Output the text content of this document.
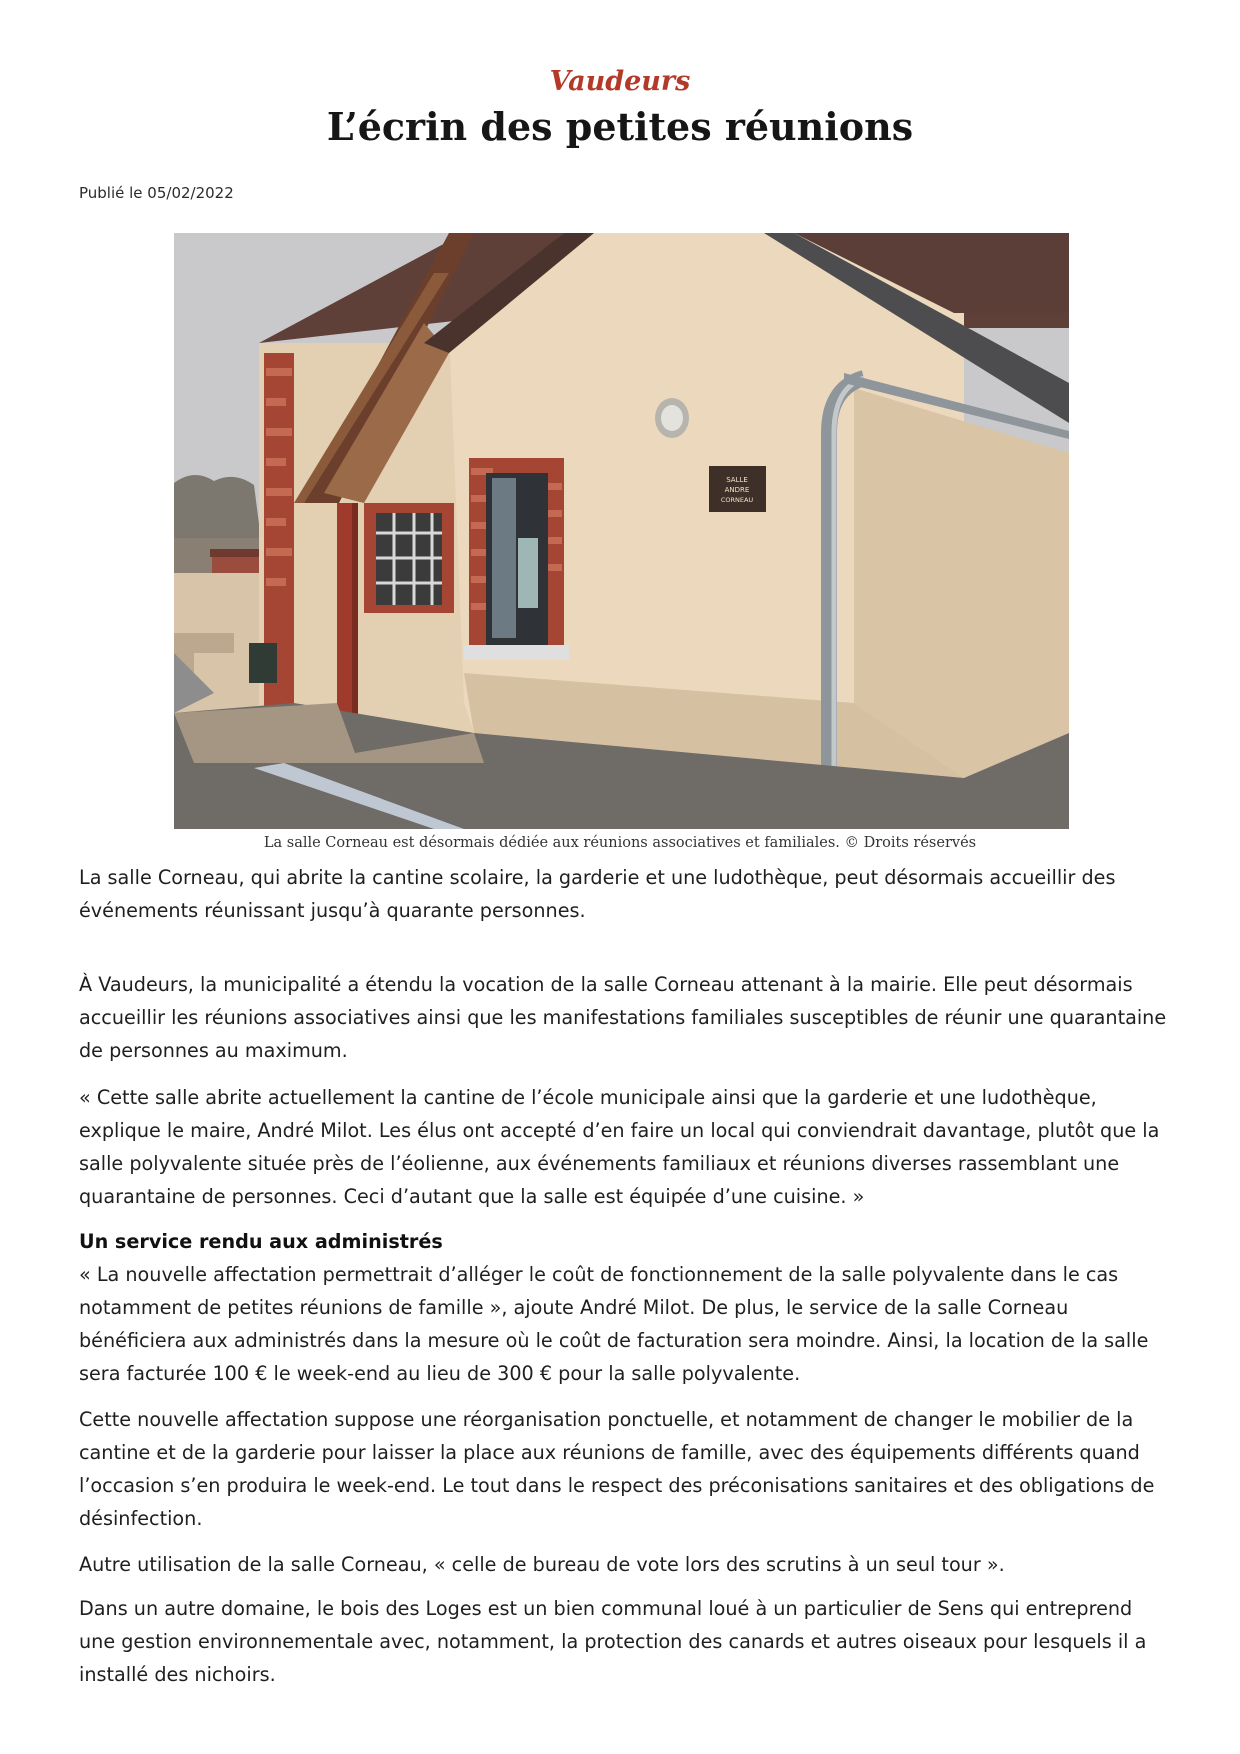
Vaudeurs
L’écrin des petites réunions
Publié le 05/02/2022
SALLE
ANDRE
CORNEAU
La salle Corneau est désormais dédiée aux réunions associatives et familiales. © Droits réservés

La salle Corneau, qui abrite la cantine scolaire, la garderie et une ludothèque, peut désormais accueillir des événements réunissant jusqu’à quarante personnes.

À Vaudeurs, la municipalité a étendu la vocation de la salle Corneau attenant à la mairie. Elle peut désormais accueillir les réunions associatives ainsi que les manifestations familiales susceptibles de réunir une quarantaine de personnes au maximum.

« Cette salle abrite actuellement la cantine de l’école municipale ainsi que la garderie et une ludothèque, explique le maire, André Milot. Les élus ont accepté d’en faire un local qui conviendrait davantage, plutôt que la salle polyvalente située près de l’éolienne, aux événements familiaux et réunions diverses rassemblant une quarantaine de personnes. Ceci d’autant que la salle est équipée d’une cuisine. »

Un service rendu aux administrés

« La nouvelle affectation permettrait d’alléger le coût de fonctionnement de la salle polyvalente dans le cas notamment de petites réunions de famille », ajoute André Milot. De plus, le service de la salle Corneau bénéficiera aux administrés dans la mesure où le coût de facturation sera moindre. Ainsi, la location de la salle sera facturée 100 € le week-end au lieu de 300 € pour la salle polyvalente.

Cette nouvelle affectation suppose une réorganisation ponctuelle, et notamment de changer le mobilier de la cantine et de la garderie pour laisser la place aux réunions de famille, avec des équipements différents quand l’occasion s’en produira le week-end. Le tout dans le respect des préconisations sanitaires et des obligations de désinfection.

Autre utilisation de la salle Corneau, « celle de bureau de vote lors des scrutins à un seul tour ».

Dans un autre domaine, le bois des Loges est un bien communal loué à un particulier de Sens qui entreprend une gestion environnementale avec, notamment, la protection des canards et autres oiseaux pour lesquels il a installé des nichoirs.
